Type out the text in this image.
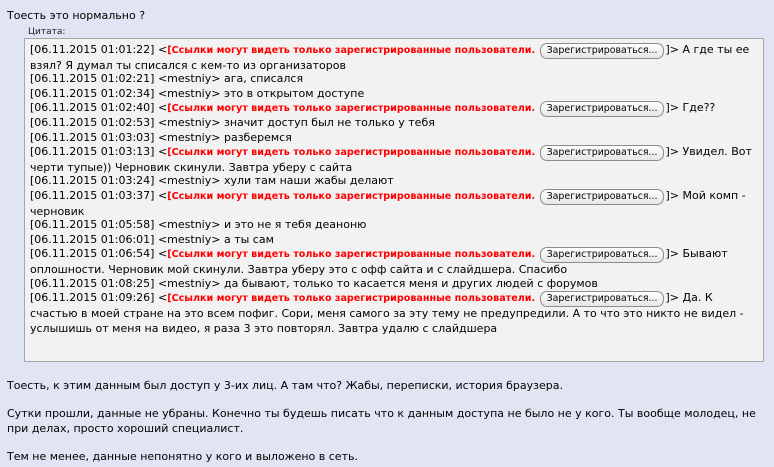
Тоесть это нормально ?
Цитата:
[06.11.2015 01:01:22] <[Ссылки могут видеть только зарегистрированные пользователи. Зарегистрироваться... ]> А где ты ее взял? Я думал ты списался с кем-то из организаторов
[06.11.2015 01:02:21] <mestniy> ага, списался
[06.11.2015 01:02:34] <mestniy> это в открытом доступе
[06.11.2015 01:02:40] <[Ссылки могут видеть только зарегистрированные пользователи. Зарегистрироваться... ]> Где??
[06.11.2015 01:02:53] <mestniy> значит доступ был не только у тебя
[06.11.2015 01:03:03] <mestniy> разберемся
[06.11.2015 01:03:13] <[Ссылки могут видеть только зарегистрированные пользователи. Зарегистрироваться... ]> Увидел. Вот черти тупые)) Черновик скинули. Завтра уберу с сайта
[06.11.2015 01:03:24] <mestniy> хули там наши жабы делают
[06.11.2015 01:03:37] <[Ссылки могут видеть только зарегистрированные пользователи. Зарегистрироваться... ]> Мой комп - черновик
[06.11.2015 01:05:58] <mestniy> и это не я тебя деаноню
[06.11.2015 01:06:01] <mestniy> а ты сам
[06.11.2015 01:06:54] <[Ссылки могут видеть только зарегистрированные пользователи. Зарегистрироваться... ]> Бывают оплошности. Черновик мой скинули. Завтра уберу это с офф сайта и с слайдшера. Спасибо
[06.11.2015 01:08:25] <mestniy> да бывают, только то касается меня и других людей с форумов
[06.11.2015 01:09:26] <[Ссылки могут видеть только зарегистрированные пользователи. Зарегистрироваться... ]> Да. К счастью в моей стране на это всем пофиг. Сори, меня самого за эту тему не предупредили. А то что это никто не видел - услышишь от меня на видео, я раза 3 это повторял. Завтра удалю с слайдшера
Тоесть, к этим данным был доступ у 3-их лиц. А там что? Жабы, переписки, история браузера.
Сутки прошли, данные не убраны. Конечно ты будешь писать что к данным доступа не было не у кого. Ты вообще молодец, не при делах, просто хороший специалист.
Тем не менее, данные непонятно у кого и выложено в сеть.
